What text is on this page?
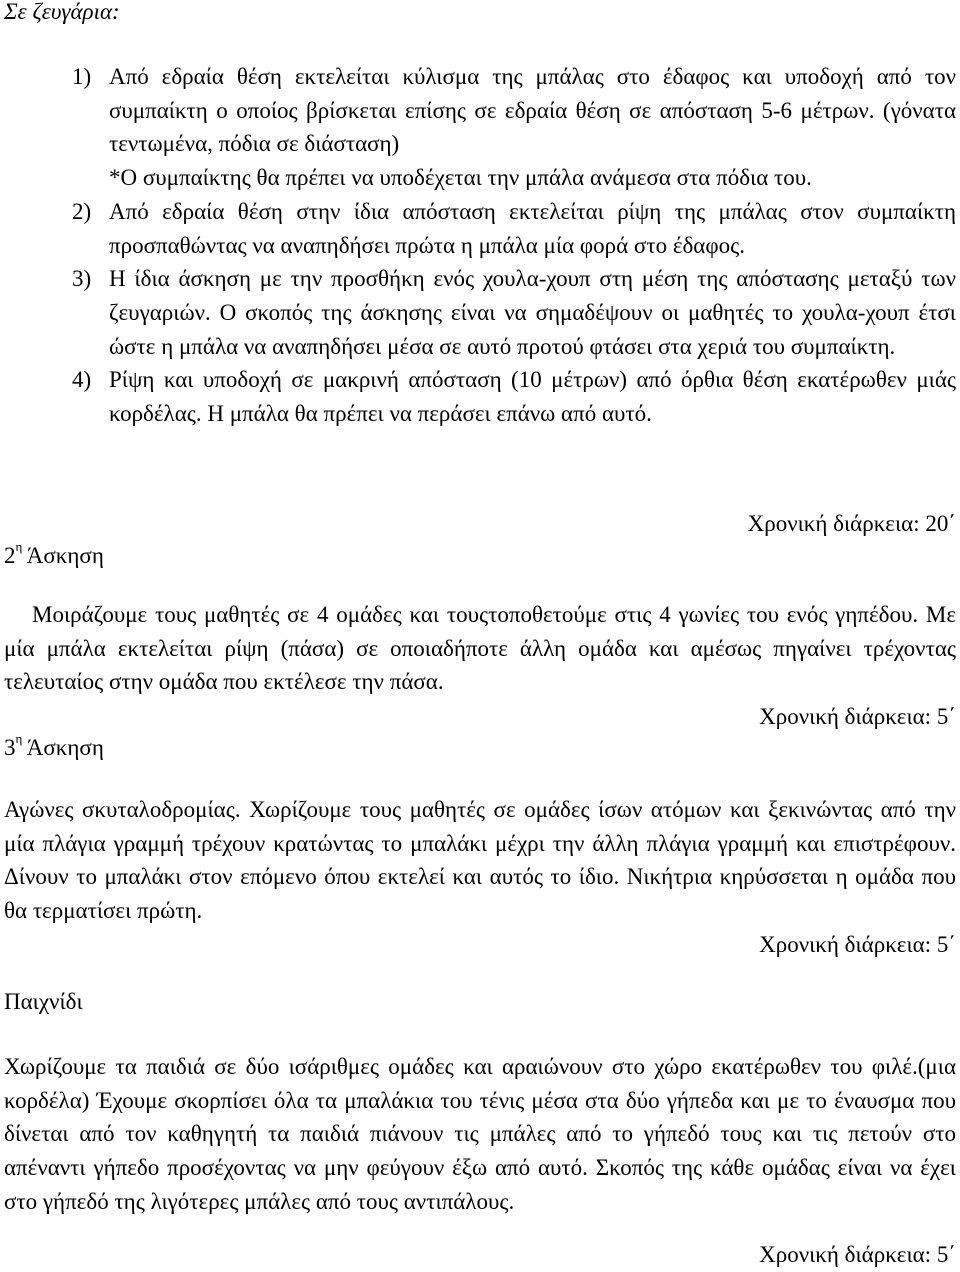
Σε ζευγάρια:
1) Από εδραία θέση εκτελείται κύλισμα της μπάλας στο έδαφος και υποδοχή από τον συμπαίκτη ο οποίος βρίσκεται επίσης σε εδραία θέση σε απόσταση 5-6 μέτρων. (γόνατα τεντωμένα, πόδια σε διάσταση)
*Ο συμπαίκτης θα πρέπει να υποδέχεται την μπάλα ανάμεσα στα πόδια του.
2) Από εδραία θέση στην ίδια απόσταση εκτελείται ρίψη της μπάλας στον συμπαίκτη προσπαθώντας να αναπηδήσει πρώτα η μπάλα μία φορά στο έδαφος.
3) Η ίδια άσκηση με την προσθήκη ενός χουλα-χουπ στη μέση της απόστασης μεταξύ των ζευγαριών. Ο σκοπός της άσκησης είναι να σημαδέψουν οι μαθητές το χουλα-χουπ έτσι ώστε η μπάλα να αναπηδήσει μέσα σε αυτό προτού φτάσει στα χεριά του συμπαίκτη.
4) Ρίψη και υποδοχή σε μακρινή απόσταση (10 μέτρων) από όρθια θέση εκατέρωθεν μιάς κορδέλας. Η μπάλα θα πρέπει να περάσει επάνω από αυτό.
Χρονική διάρκεια: 20΄
$2^\eta$ Άσκηση
Μοιράζουμε τους μαθητές σε 4 ομάδες και τουςτοποθετούμε στις 4 γωνίες του ενός γηπέδου. Με μία μπάλα εκτελείται ρίψη (πάσα) σε οποιαδήποτε άλλη ομάδα και αμέσως πηγαίνει τρέχοντας τελευταίος στην ομάδα που εκτέλεσε την πάσα.
Χρονική διάρκεια: 5΄
$3^\eta$ Άσκηση
Αγώνες σκυταλοδρομίας. Χωρίζουμε τους μαθητές σε ομάδες ίσων ατόμων και ξεκινώντας από την μία πλάγια γραμμή τρέχουν κρατώντας το μπαλάκι μέχρι την άλλη πλάγια γραμμή και επιστρέφουν. Δίνουν το μπαλάκι στον επόμενο όπου εκτελεί και αυτός το ίδιο. Νικήτρια κηρύσσεται η ομάδα που θα τερματίσει πρώτη.
Χρονική διάρκεια: 5΄
Παιχνίδι
Χωρίζουμε τα παιδιά σε δύο ισάριθμες ομάδες και αραιώνουν στο χώρο εκατέρωθεν του φιλέ.(μια κορδέλα) Έχουμε σκορπίσει όλα τα μπαλάκια του τένις μέσα στα δύο γήπεδα και με το έναυσμα που δίνεται από τον καθηγητή τα παιδιά πιάνουν τις μπάλες από το γήπεδό τους και τις πετούν στο απέναντι γήπεδο προσέχοντας να μην φεύγουν έξω από αυτό. Σκοπός της κάθε ομάδας είναι να έχει στο γήπεδό της λιγότερες μπάλες από τους αντιπάλους.
Χρονική διάρκεια: 5΄
